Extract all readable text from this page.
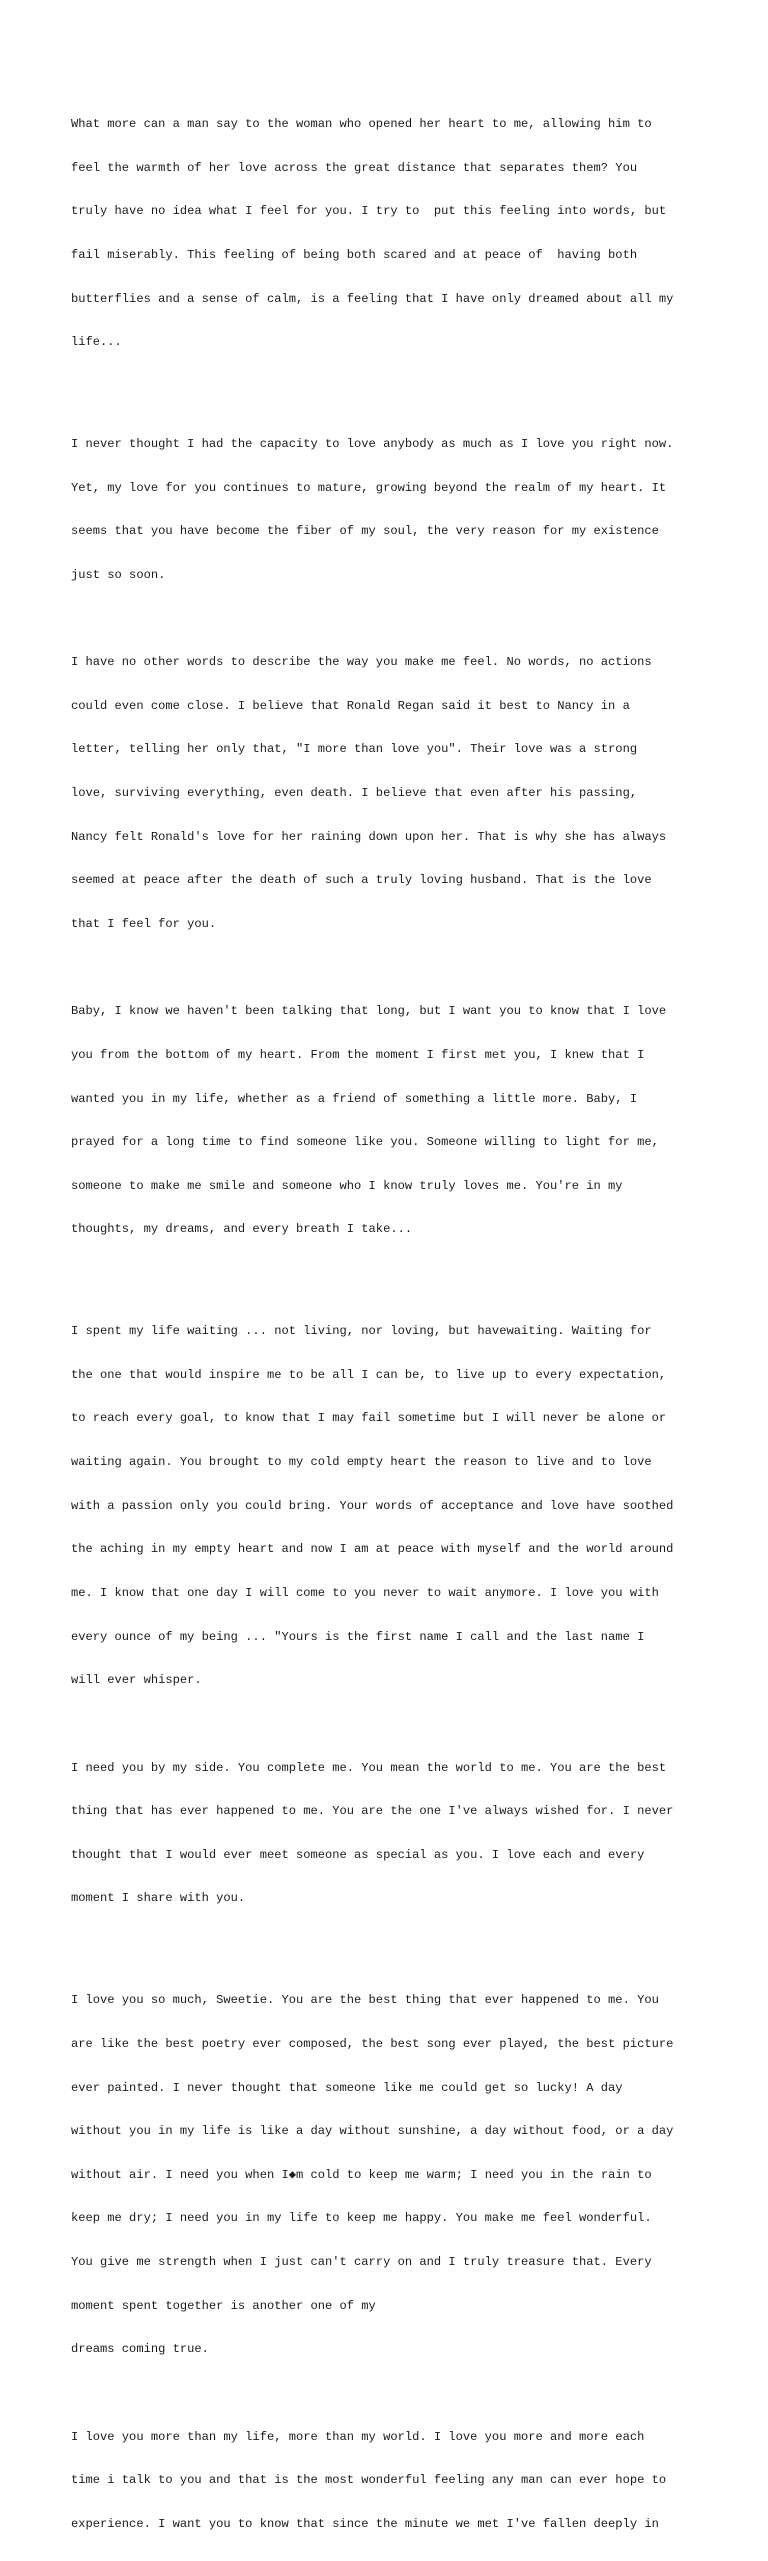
What more can a man say to the woman who opened her heart to me, allowing him to

feel the warmth of her love across the great distance that separates them? You

truly have no idea what I feel for you. I try to  put this feeling into words, but

fail miserably. This feeling of being both scared and at peace of  having both

butterflies and a sense of calm, is a feeling that I have only dreamed about all my

life...

I never thought I had the capacity to love anybody as much as I love you right now.

Yet, my love for you continues to mature, growing beyond the realm of my heart. It

seems that you have become the fiber of my soul, the very reason for my existence

just so soon.

I have no other words to describe the way you make me feel. No words, no actions

could even come close. I believe that Ronald Regan said it best to Nancy in a

letter, telling her only that, "I more than love you". Their love was a strong

love, surviving everything, even death. I believe that even after his passing,

Nancy felt Ronald's love for her raining down upon her. That is why she has always

seemed at peace after the death of such a truly loving husband. That is the love

that I feel for you.

Baby, I know we haven't been talking that long, but I want you to know that I love

you from the bottom of my heart. From the moment I first met you, I knew that I

wanted you in my life, whether as a friend of something a little more. Baby, I

prayed for a long time to find someone like you. Someone willing to light for me,

someone to make me smile and someone who I know truly loves me. You're in my

thoughts, my dreams, and every breath I take...

I spent my life waiting ... not living, nor loving, but havewaiting. Waiting for

the one that would inspire me to be all I can be, to live up to every expectation,

to reach every goal, to know that I may fail sometime but I will never be alone or

waiting again. You brought to my cold empty heart the reason to live and to love

with a passion only you could bring. Your words of acceptance and love have soothed

the aching in my empty heart and now I am at peace with myself and the world around

me. I know that one day I will come to you never to wait anymore. I love you with

every ounce of my being ... "Yours is the first name I call and the last name I

will ever whisper.

I need you by my side. You complete me. You mean the world to me. You are the best

thing that has ever happened to me. You are the one I've always wished for. I never

thought that I would ever meet someone as special as you. I love each and every

moment I share with you.

I love you so much, Sweetie. You are the best thing that ever happened to me. You

are like the best poetry ever composed, the best song ever played, the best picture

ever painted. I never thought that someone like me could get so lucky! A day

without you in my life is like a day without sunshine, a day without food, or a day

without air. I need you when I◆m cold to keep me warm; I need you in the rain to

keep me dry; I need you in my life to keep me happy. You make me feel wonderful.

You give me strength when I just can't carry on and I truly treasure that. Every

moment spent together is another one of my

dreams coming true.

I love you more than my life, more than my world. I love you more and more each

time i talk to you and that is the most wonderful feeling any man can ever hope to

experience. I want you to know that since the minute we met I've fallen deeply in
